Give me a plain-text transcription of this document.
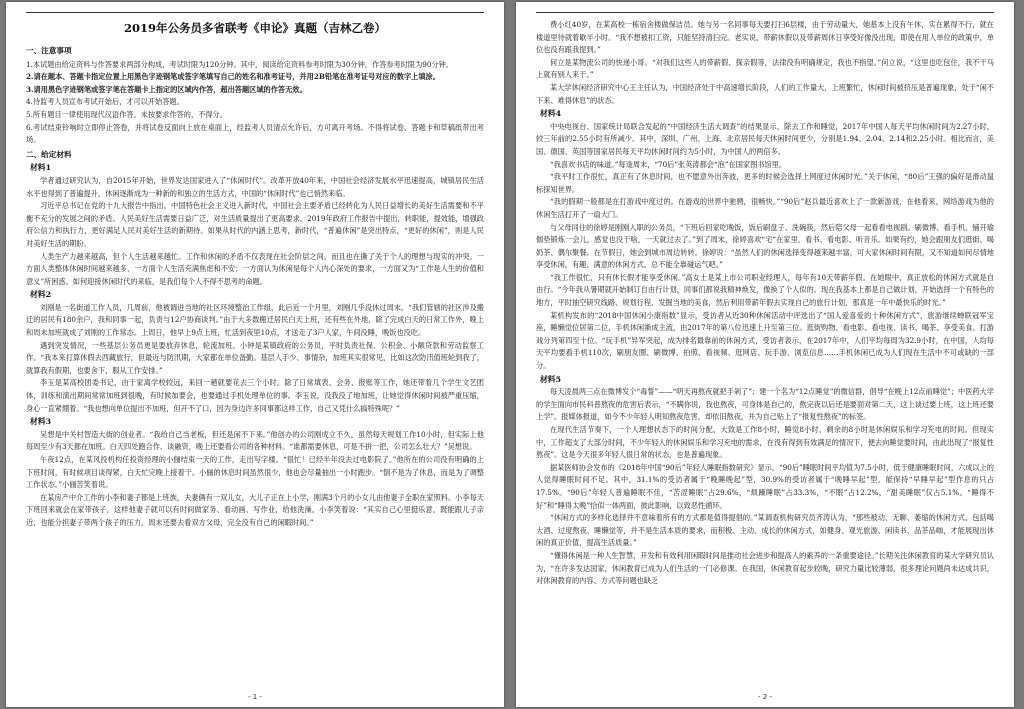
2019年公务员多省联考《申论》真题（吉林乙卷）
一、注意事项

1.本试题由给定资料与作答要求两部分构成，考试时限为120分钟。其中，阅读给定资料参考时限为30分钟，作答参考时限为90分钟。

2.请在题本、答题卡指定位置上用黑色字迹钢笔或签字笔填写自己的姓名和准考证号，并用2B铅笔在准考证号对应的数字上填涂。

3.请用黑色字迹钢笔或签字笔在答题卡上指定的区域内作答，超出答题区域的作答无效。

4.待监考人员宣布考试开始后，才可以开始答题。

5.所有题目一律使用现代汉语作答。未按要求作答的，不得分。

6.考试结束铃响时立即停止答卷，并将试卷反面向上放在桌面上，经监考人员清点允许后，方可离开考场。不得将试卷、答题卡和草稿纸带出考场。

二、给定材料
材料1

学者通过研究认为，自2015年开始，世界发达国家进入了“休闲时代”。改革开放40年来，中国社会经济发展水平迅速提高，城镇居民生活水平也得到了普遍提升，休闲逐渐成为一种新的和独立的生活方式，中国的“休闲时代”也已悄然来临。

习近平总书记在党的十九大报告中指出，中国特色社会主义进入新时代，中国社会主要矛盾已经转化为人民日益增长的美好生活需要和不平衡不充分的发展之间的矛盾。人民美好生活需要日益广泛，对生活质量提出了更高要求。2019年政府工作报告中提出，转职能，提效能，增强政府公信力和执行力，更好满足人民对美好生活的新期待。如果从时代的内涵上思考，新时代，“普遍休闲”是突出特点，“更好的休闲”，则是人民对美好生活的期盼。

人类生产力越来越高，但个人生活越来越忙。工作和休闲的矛盾不仅表现在社会阶层之间，而且也在撕了关于个人的理想与现实的冲突。一方面人类整体休闲时间越来越多，一方面个人生活充满焦虑和不安；一方面认为休闲是每个人内心深处的要求，一方面又为“工作是人生的价值和意义”所困惑。如何迎接休闲时代的来临，是我们每个人不得不思考的命题。

材料2

刘刚是一名街道工作人员，几周前，他被调进当地的社区环境整治工作组，此后近一个月里，刘刚几乎没休过周末。“我们管辖的社区涉及搬迁的居民有180余户，我和同事一起，负责与12户协商谈判。”由于大多数搬迁居民白天上班，还有些在外地，除了完成白天的日常工作外，晚上和周末加班就成了刘刚的工作常态。上周日，他早上9点上班，忙活到夜里10点，才送走了3户人家，午间没睡，晚饭也没吃。

遇到突发情况，一些基层公务员更是要放弃休息，轮流加班。小钟是某镇政府的公务员，平时负责社保、公积金、小额贷款和劳动监察工作。“我本来打算休假去西藏旅行，但最近与防汛期，大家都在单位备勤。基层人手少、事情杂，加班其实很常见，比如这次防汛值班轮到我了，就算我有假期，也要舍下，服从工作安排。”

李玉是某高校团委书记，由于家离学校较远，来回一趟就要花去三个小时。除了日常填表、会务、报账等工作，她还带着几个学生文艺团体，训练和演出期间常常加班到很晚，有时候加要会，也要通过手机处理单位的事。李玉说，没我没了地加班，让她觉得休闲时间被严重压缩，身心一直紧绷着。“我也想向单位提出不加班，但开不了口，因为身边许多同事都这样工作，自己又凭什么搞特殊呢？”

材料3

吴想是中关村智造大街的创业者。“我给自己当老板，但还是闲不下来。”他创办的公司刚成立不久，虽然每天规划工作10小时，但实际上他每周至少有3天都在加班。白天四处跑合作、谈融资，晚上还要看公司的各种材料。“谁都需要休息，可是不拼一把，公司怎么壮大？”吴想说。

午夜12点，在某风投机构任投资经理的小俪结束一天的工作，走出写字楼。“很忙！已经半年没去过电影院了。”他所在的公司没有明确的上下班时间，有时候项目谈得紧，白天忙完晚上接着干。小俪的休息时间虽然很少，他也会尽量抽出一小时跑步。“倒不是为了休息，而是为了调整工作状态。”小俪苦笑着说。

在某房产中介工作的小李和妻子都是上班族，夫妻俩有一双儿女，大儿子正在上小学，刚满3个月的小女儿由他妻子全职在家照料。小李每天下班回来就会在家带孩子，这样他妻子就可以有时间做家务、看动画、写作业，给他洗澡。小李笑着说：“其实自己心里挺乐意，既能跟儿子亲近，也能分担妻子带两个孩子的压力，周末还要去看双方父母，完全没有自己的闲暇时间。”

- 1 -

费小红40岁，在某高校一栋宿舍楼做保洁员。她与另一名同事每天要打扫6层楼，由于劳动量大，她基本上没有午休，实在累得不行，就在楼道里待就着歇半小时。“我不想被扣工资，只能坚持清扫完。老实说，带薪休假以及带薪周休日享受好像没出现，即使在用人单位的政策中，单位也没有跟我提到。”

何立是某物流公司的快递小哥。“对我们这些人的带薪假、探亲假等，法律没有明确规定，我也不指望。”何立说，“这里也吃包住，我不干马上就有别人来干。”

某大学休闲经济研究中心王主任认为，中国经济处于中高速增长阶段，人们的工作量大，上班繁忙，休闲时间被挤压是普遍现象，处于“闲不下来、难得休息”的状态。

材料4

中央电视台、国家统计局联合发起的“中国经济生活大调查”的结果显示，除去工作和睡觉，2017年中国人每天平均休闲时间为2.27小时，较三年前的2.55小时有所减少。其中，深圳、广州、上海、北京居民每天休闲时间更少，分别是1.94、2.04、2.14和2.25小时。相比而言，美国、德国、英国等国家居民每天平均休闲时间约为5小时，为中国人的两倍多。

“我喜欢书店的味道。”每逢周末，“70后”张英涛都会“泡”在国家图书馆里。

“我平时工作很忙，真正有了休息时间，也不愿意外出奔波，更多的时候会选择上网度过休闲时光。”关于休闲，“80后”王强的偏好是滑动鼠标探知世界。

“我的假期一般都是在打游戏中度过的。在游戏的世界中驰骋，很畅快。”“90后”赵兵最近喜欢上了一款新游戏，在他看来，网络游戏为他的休闲生活打开了一扇大门。

与父母同住的徐婷是刚刚入职的公务员，“下班后回家吃晚饭，饭后刷盘子、洗碗筷，然后陪父母一起看看电视剧。刷微博、看手机、铺开瑜伽垫锻炼一会儿，感觉也没干啥，一天就过去了。”到了周末，徐婷喜欢“宅”在家里，看书、看电影、听音乐。如果有约，她会跟朋友们逛街、喝奶茶、偶尔聚餐。在节假日，她会到城市周边转转。徐婷说：“虽然人们的休闲选择变得越来越丰富，可大家休闲时间有限，又不知道如何尽情地享受休闲，有趣、满意的休闲方式，总不能全靠碰运气吧。”

“我工作很忙，只有休长假才能享受休闲。”高女士是某上市公司职业经理人，每年有10天带薪年假。在她眼中，真正放松的休闲方式就是自由行。“今年我从暑期就开始制订自由行计划，同事们都说我精神焕发，像换了个人似的。现在我基本上都是自己做计划，开始选择一个有特色的地方，平时抽空研究线路、规划行程、发掘当地的美食，然后利用带薪年假去实现自己的旅行计划，那真是一年中最快乐的时光。”

某机构发布的“2018中国休闲小康指数”显示，受访者从近30种休闲活动中评选出了“国人爱喜爱的十种休闲方式”，旅游继续蝉联冠军宝座，睡懒觉位居第二位，手机休闲渐成主流，由2017年的第八位迅速上升至第三位。逛街购物、看电影、看电视、读书、喝茶、享受美食、打游戏分列第四至十位。“玩手机”异军突起，成为排名最靠前的休闲方式，受访者表示，在2017年中，人们平均每周为32.9小时，在中国，人均每天平均要看手机110次，刷朋友圈、刷微博、拍照、看视频、逛网店、玩手游、浏览信息……手机休闲已成为人们现在生活中不可或缺的一部分。

材料5

每天凌晨两三点在微博发个“毒誓”——“明天再熬夜就把手剁了”；建一个名为“12点睡觉”的微信群，倡导“在晚上12点前睡觉”；中医药大学的学生面向市民科普熬夜的危害后表示，“不瞒你说，我也熬夜，可身体是自己的，熬完夜以后还是要面对第二天，这上谈过要上班，这上班还要上学”。报媒体报道，如今不少年轻人明知熬夜危害，却依旧熬夜，并为自己贴上了“报复性熬夜”的标签。

在现代生活节奏下，一个人理想状态下的时间分配，大致是工作8小时，睡觉8小时，剩余的8小时是休闲娱乐和学习充电的时间。但现实中，工作超支了大部分时间，不少年轻人的休闲娱乐和学习充电的需求，在没有得到有效满足的情况下，便去向睡觉要时间，由此出现了“报复性熬夜”。这是今天很多年轻人很日常的状态，也是普遍现象。

据某医师协会发布的《2018年中国“90后”年轻人睡眠指数研究》显示，“90后”睡眠时间平均值为7.5小时，低于健康睡眠时间，六成以上的人觉得睡眠时间不足。其中，31.1%的受访者属于“晚睡晚起”型，30.9%的受访者属于“晚睡早起”型，能保持“早睡早起”型作息的只占17.5%。“90后”年轻人普遍睡眠不佳，“苦涩睡眠”占29.6%，“烦躁睡眠”占33.3%，“不眠”占12.2%，“甜美睡眠”仅占5.1%。“睡得不好”和“睡得太晚”恰似一体两面，彼此影响，以致恶性循环。

“休闲方式的多样化选择并不意味着所有的方式都是值得提倡的。”某调查机构研究员齐涛认为，“那些被动、无聊、萎缩的休闲方式，包括喝大酒、过度熬夜、睡懒觉等，并不是生活本质的要求，而积极、主动、成长的休闲方式，如健身、观光旅游、闲读书、品茶品咖，才能展现出休闲的真正价值，提高生活质量。”

“懂得休闲是一种人生智慧，开发和有效利用闲暇时间是推动社会进步和提高人的素养的一条重要途径。”长期关注休闲教育的某大学研究员认为，“在许多发达国家，休闲教育已成为人们生活的一门必修课。在我国，休闲教育起步较晚，研究力量比较薄弱，很多理论问题尚未达成共识，对休闲教育的内容、方式等问题也缺乏

- 2 -
